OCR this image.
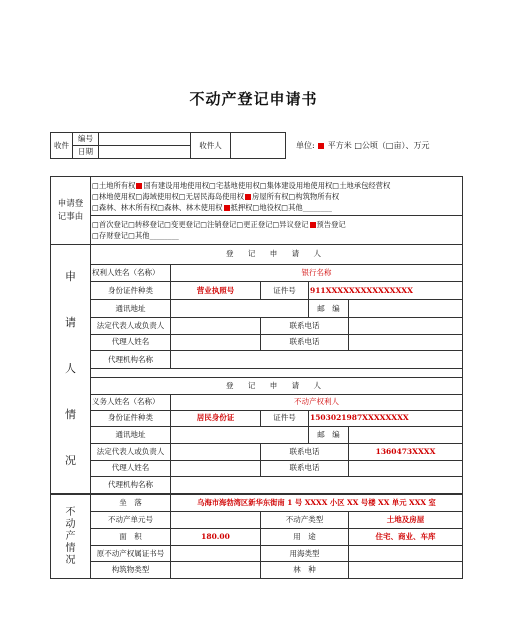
不动产登记申请书
收件	编号		收件人	
	日期			
单位: 平方米 □公顷（□亩）、万元
申请登记事由

□土地所有权 国有建设用地使用权□宅基地使用权□集体建设用地使用权□土地承包经营权
□林地使用权□海域使用权□无居民海岛使用权 房屋所有权□构筑物所有权
□森林、林木所有权□森林、林木使用权 抵押权□地役权□其他________

□首次登记□转移登记□变更登记□注销登记□更正登记□异议登记 预告登记
□存财登记□其他________
申
请
人
情
况	登 记 申 请 人				
	权利人姓名（名称）	银行名称			
	身份证件种类	营业执照号	证件号	911XXXXXXXXXXXXXXX	
	通讯地址			邮　编	
	法定代表人或负责人		联系电话		
	代理人姓名		联系电话		
	代理机构名称				

	登 记 申 请 人				
	义务人姓名（名称）	不动产权利人			
	身份证件种类	居民身份证	证件号	1503021987XXXXXXXX	
	通讯地址			邮　编	
	法定代表人或负责人		联系电话		1360473XXXX
	代理人姓名		联系电话		
	代理机构名称				
不
动
产
情
况	坐　落	乌海市海勃湾区新华东街南 1 号 XXXX 小区 XX 号楼 XX 单元 XXX 室		
	不动产单元号		不动产类型	土地及房屋
	面　积	180.00	用　途	住宅、商业、车库
	原不动产权属证书号		用海类型	
	构筑物类型		林　种	
